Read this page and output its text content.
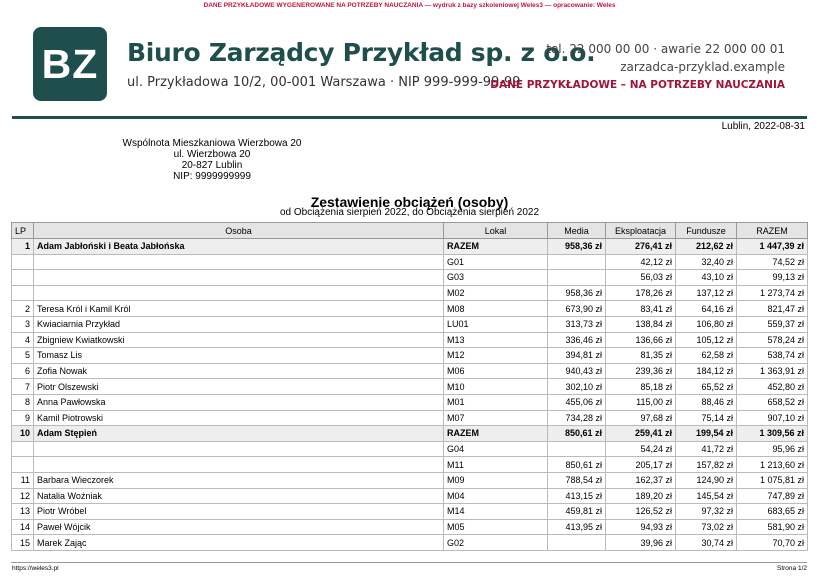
DANE PRZYKŁADOWE WYGENEROWANE NA POTRZEBY NAUCZANIA — wydruk z bazy szkoleniowej Weles3 — opracowanie: Weles
BZ	Biuro Zarządcy Przykład sp. z o.o.
ul. Przykładowa 10/2, 00-001 Warszawa · NIP 999-999-99-99
tel. 22 000 00 00 · awarie 22 000 00 01
zarzadca-przyklad.example
DANE PRZYKŁADOWE – NA POTRZEBY NAUCZANIA
Lublin, 2022-08-31
Wspólnota Mieszkaniowa Wierzbowa 20
ul. Wierzbowa 20
20-827 Lublin
NIP: 9999999999
Zestawienie obciążeń (osoby)
od Obciążenia sierpień 2022, do Obciążenia sierpień 2022
LP	Osoba	Lokal	Media	Eksploatacja	Fundusze	RAZEM
1	Adam Jabłoński i Beata Jabłońska	RAZEM	958,36 zł	276,41 zł	212,62 zł	1 447,39 zł
		G01		42,12 zł	32,40 zł	74,52 zł
		G03		56,03 zł	43,10 zł	99,13 zł
		M02	958,36 zł	178,26 zł	137,12 zł	1 273,74 zł
2	Teresa Król i Kamil Król	M08	673,90 zł	83,41 zł	64,16 zł	821,47 zł
3	Kwiaciarnia Przykład	LU01	313,73 zł	138,84 zł	106,80 zł	559,37 zł
4	Zbigniew Kwiatkowski	M13	336,46 zł	136,66 zł	105,12 zł	578,24 zł
5	Tomasz Lis	M12	394,81 zł	81,35 zł	62,58 zł	538,74 zł
6	Zofia Nowak	M06	940,43 zł	239,36 zł	184,12 zł	1 363,91 zł
7	Piotr Olszewski	M10	302,10 zł	85,18 zł	65,52 zł	452,80 zł
8	Anna Pawłowska	M01	455,06 zł	115,00 zł	88,46 zł	658,52 zł
9	Kamil Piotrowski	M07	734,28 zł	97,68 zł	75,14 zł	907,10 zł
10	Adam Stępień	RAZEM	850,61 zł	259,41 zł	199,54 zł	1 309,56 zł
		G04		54,24 zł	41,72 zł	95,96 zł
		M11	850,61 zł	205,17 zł	157,82 zł	1 213,60 zł
11	Barbara Wieczorek	M09	788,54 zł	162,37 zł	124,90 zł	1 075,81 zł
12	Natalia Woźniak	M04	413,15 zł	189,20 zł	145,54 zł	747,89 zł
13	Piotr Wróbel	M14	459,81 zł	126,52 zł	97,32 zł	683,65 zł
14	Paweł Wójcik	M05	413,95 zł	94,93 zł	73,02 zł	581,90 zł
15	Marek Zając	G02		39,96 zł	30,74 zł	70,70 zł
https://weles3.pl	Strona 1/2
